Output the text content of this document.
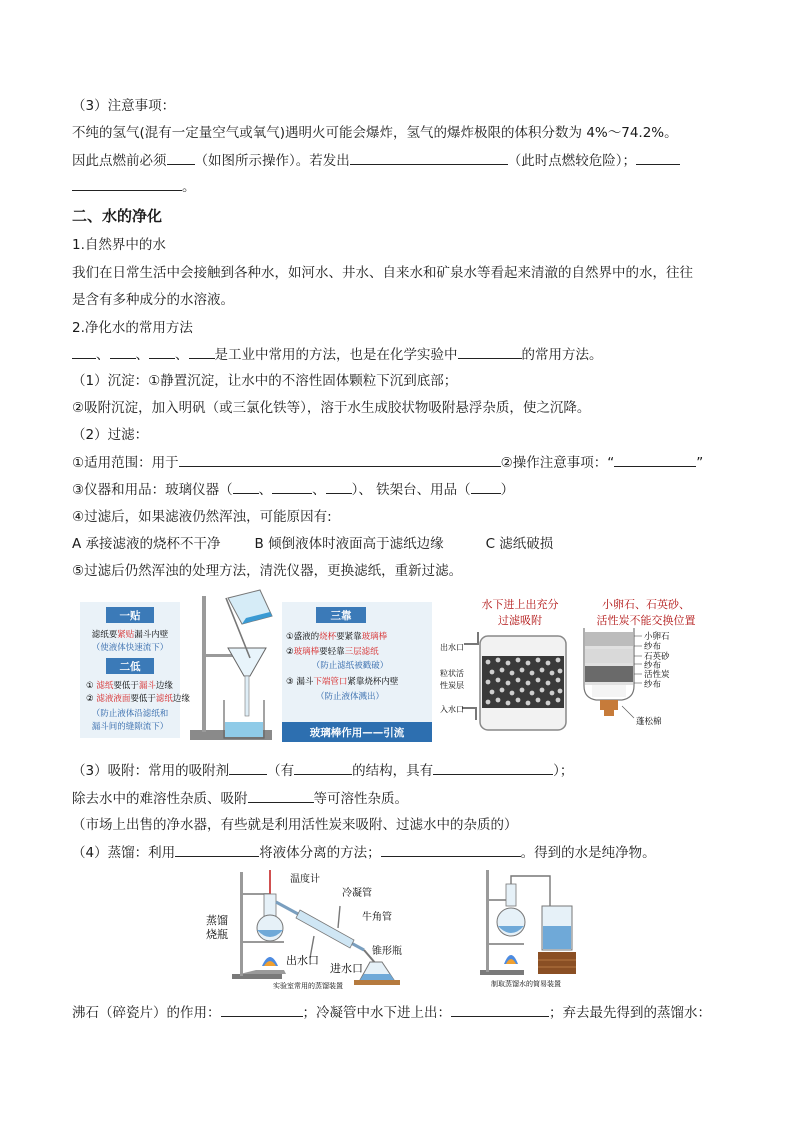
（3）注意事项：
不纯的氢气(混有一定量空气或氧气)遇明火可能会爆炸，氢气的爆炸极限的体积分数为 4%～74.2%。
因此点燃前必须 （如图所示操作）。若发出	（此时点燃较危险）；
。
二、水的净化
1.自然界中的水
我们在日常生活中会接触到各种水，如河水、井水、自来水和矿泉水等看起来清澈的自然界中的水，往往
是含有多种成分的水溶液。
2.净化水的常用方法
、 、 、 是工业中常用的方法，也是在化学实验中	的常用方法。
（1）沉淀：①静置沉淀，让水中的不溶性固体颗粒下沉到底部；
②吸附沉淀，加入明矾（或三氯化铁等），溶于水生成胶状物吸附悬浮杂质，使之沉降。
（2）过滤：
①适用范围：用于	②操作注意事项：“	”
③仪器和用品：玻璃仪器（ 、	、 ）、 铁架台、用品（ ）
④过滤后，如果滤液仍然浑浊，可能原因有:
A 承接滤液的烧杯不干净	B 倾倒液体时液面高于滤纸边缘	C 滤纸破损
⑤过滤后仍然浑浊的处理方法，清洗仪器，更换滤纸，重新过滤。
一贴
滤纸要紧贴漏斗内壁
（使液体快速流下）
二低
① 滤纸要低于漏斗边缘
② 滤液液面要低于滤纸边缘
（防止液体沿滤纸和
漏斗间的缝隙流下）
三靠
①盛液的烧杯要紧靠玻璃棒
②玻璃棒要轻靠三层滤纸
（防止滤纸被戳破）
③ 漏斗下端管口紧靠烧杯内壁
（防止液体溅出）
玻璃棒作用——引流
水下进上出充分
过滤吸附
出水口
粒状活
性炭层
入水口
小卵石、石英砂、
活性炭不能交换位置
小卵石
纱布
石英砂
纱布
活性炭
纱布
蓬松棉
（3）吸附：常用的吸附剂	（有	的结构，具有	）；
除去水中的难溶性杂质、吸附	等可溶性杂质。
（市场上出售的净水器，有些就是利用活性炭来吸附、过滤水中的杂质的）
（4）蒸馏：利用	将液体分离的方法；	。得到的水是纯净物。
温度计
冷凝管
牛角管
蒸馏
烧瓶
出水口
进水口
锥形瓶
实验室常用的蒸馏装置	制取蒸馏水的简易装置
沸石（碎瓷片）的作用：	；冷凝管中水下进上出：	；弃去最先得到的蒸馏水：
